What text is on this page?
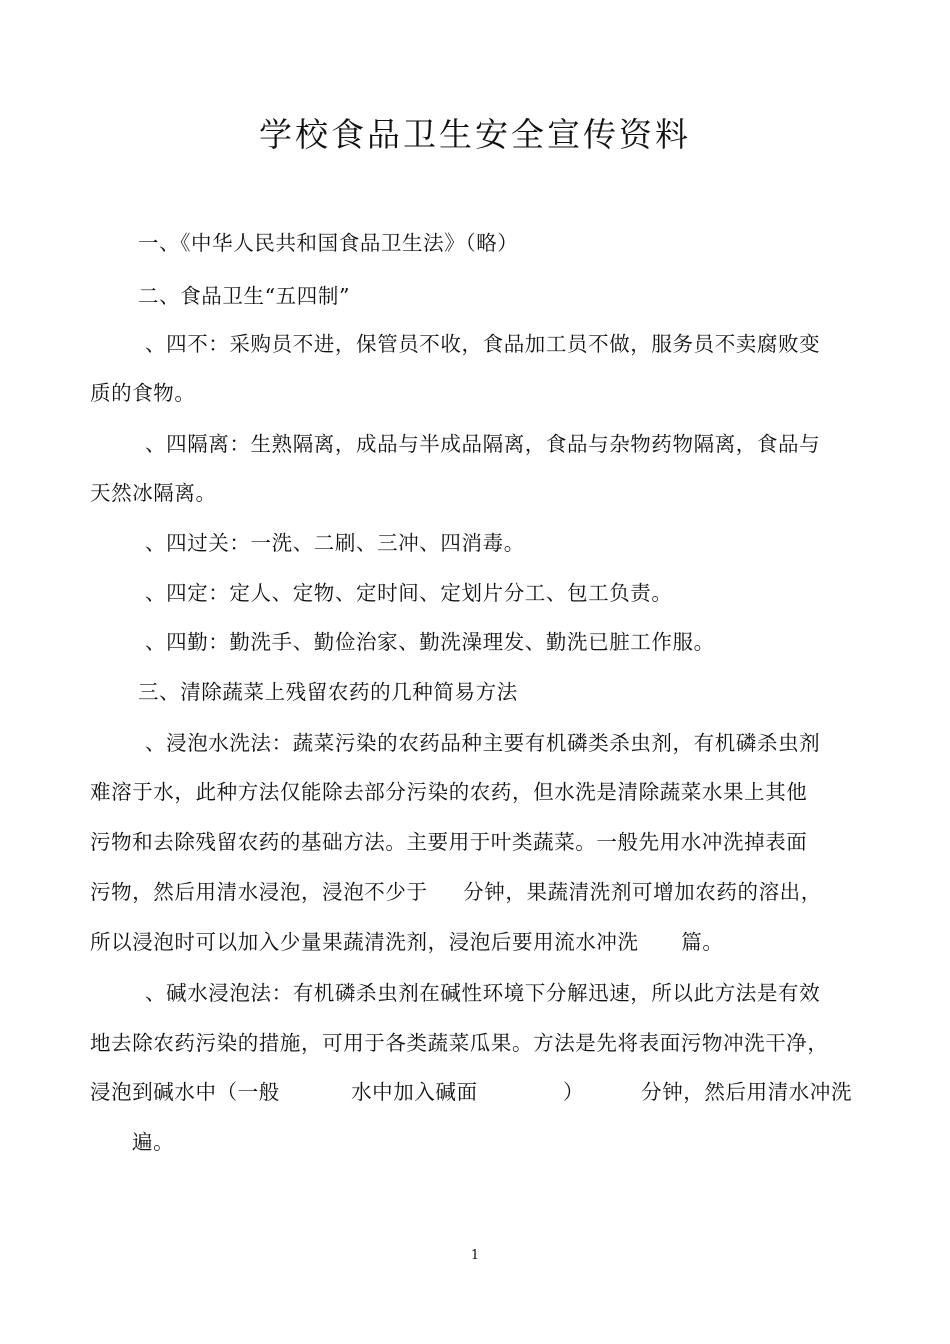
学校食品卫生安全宣传资料
一、《中华人民共和国食品卫生法》（略）
二、食品卫生“五四制”
、四不：采购员不进，保管员不收，食品加工员不做，服务员不卖腐败变
质的食物。
、四隔离：生熟隔离，成品与半成品隔离，食品与杂物药物隔离，食品与
天然冰隔离。
、四过关：一洗、二刷、三冲、四消毒。
、四定：定人、定物、定时间、定划片分工、包工负责。
、四勤：勤洗手、勤俭治家、勤洗澡理发、勤洗已脏工作服。
三、清除蔬菜上残留农药的几种简易方法
、浸泡水洗法：蔬菜污染的农药品种主要有机磷类杀虫剂，有机磷杀虫剂
难溶于水，此种方法仅能除去部分污染的农药，但水洗是清除蔬菜水果上其他
污物和去除残留农药的基础方法。主要用于叶类蔬菜。一般先用水冲洗掉表面
污物，然后用清水浸泡，浸泡不少于     分钟，果蔬清洗剂可增加农药的溶出，
所以浸泡时可以加入少量果蔬清洗剂，浸泡后要用流水冲洗      篇。
、碱水浸泡法：有机磷杀虫剂在碱性环境下分解迅速，所以此方法是有效
地去除农药污染的措施，可用于各类蔬菜瓜果。方法是先将表面污物冲洗干净，
浸泡到碱水中（一般          水中加入碱面            ）        分钟，然后用清水冲洗
遍。
1
